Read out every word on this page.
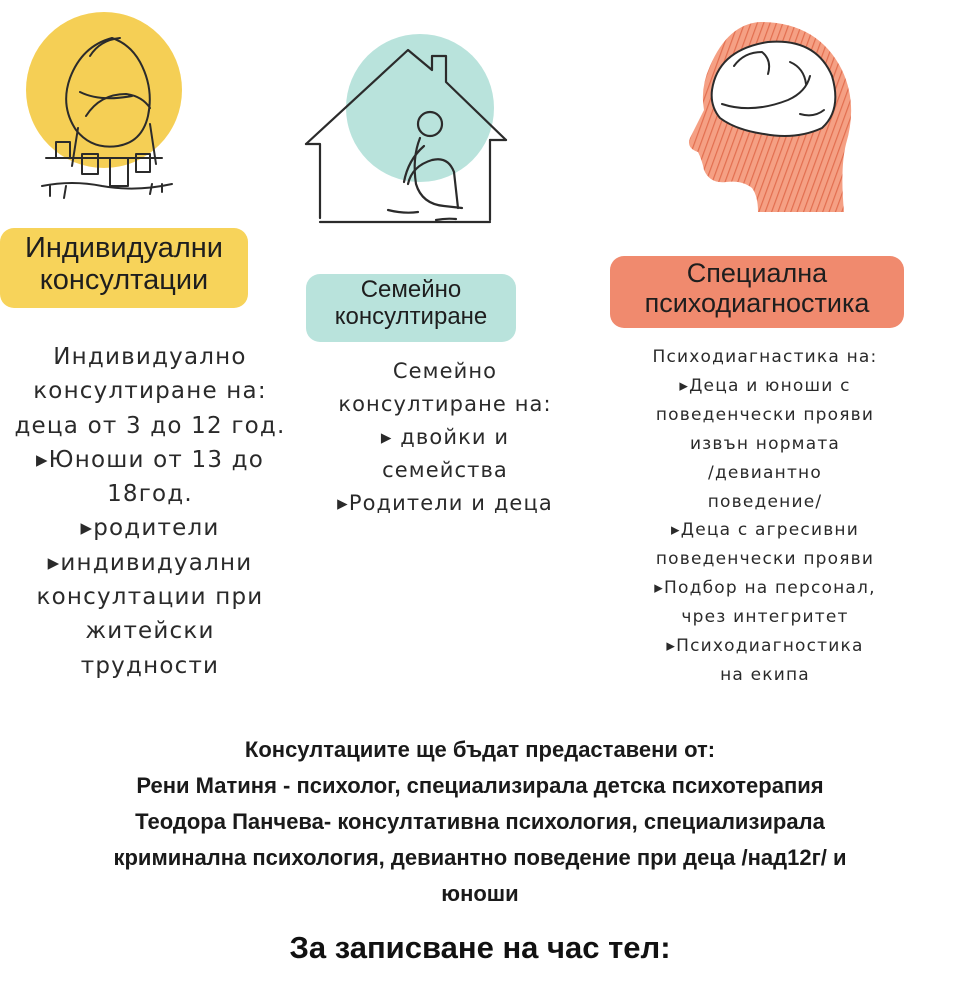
Индивидуални
консултации	Семейно
консултиране
Специална
психодиагностика
Индивидуално
консултиране на:
деца от 3 до 12 год.
▸Юноши от 13 до
18год.
▸родители
▸индивидуални
консултации при
житейски
трудности
Семейно
консултиране на:
▸ двойки и
семейства
▸Родители и деца
Психодиагнастика на:
▸Деца и юноши с
поведенчески прояви
извън нормата
/девиантно
поведение/
▸Деца с агресивни
поведенчески прояви
▸Подбор на персонал,
чрез интегритет
▸Психодиагностика
на екипа
Консултациите ще бъдат предаставени от:
Рени Матиня - психолог, специализирала детска психотерапия
Теодора Панчева- консултативна психология, специализирала
криминална психология, девиантно поведение при деца /над12г/ и
юноши
За записване на час тел:
